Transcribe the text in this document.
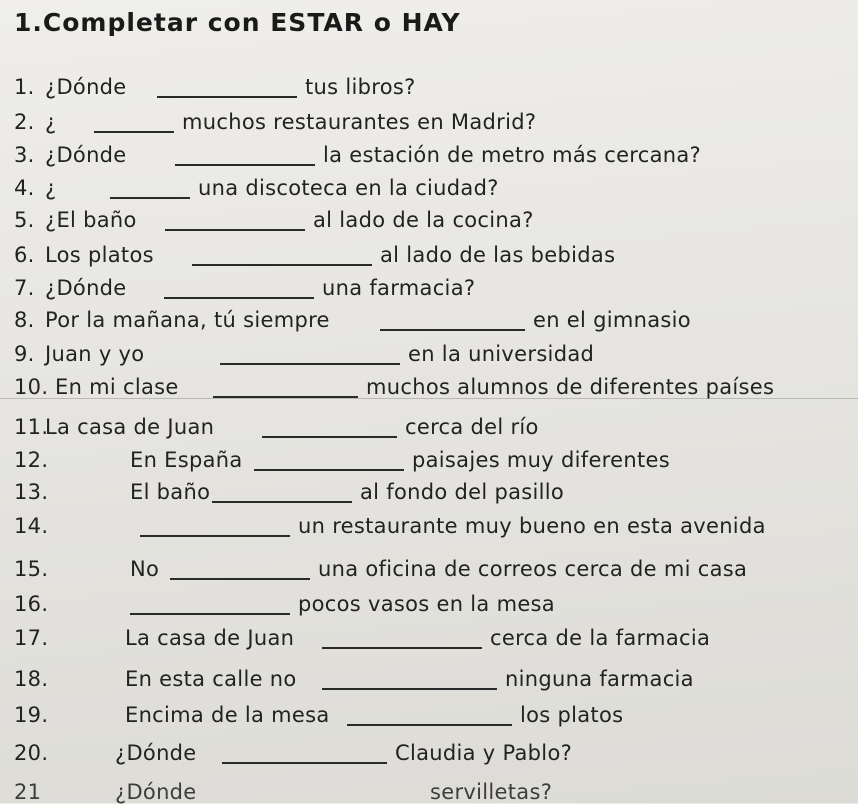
1.Completar con ESTAR o HAY
1. ¿Dónde	tus libros?
2. ¿	muchos restaurantes en Madrid?
3. ¿Dónde	la estación de metro más cercana?
4. ¿	una discoteca en la ciudad?
5. ¿El baño	al lado de la cocina?
6. Los platos	al lado de las bebidas
7. ¿Dónde	una farmacia?
8. Por la mañana, tú siempre	en el gimnasio
9. Juan y yo	en la universidad
10. En mi clase	muchos alumnos de diferentes países
11.
La casa de Juan	cerca del río
12.	En España	paisajes muy diferentes
13.	El baño	al fondo del pasillo
14.	un restaurante muy bueno en esta avenida
15.	No	una oficina de correos cerca de mi casa
16.	pocos vasos en la mesa
17.	La casa de Juan	cerca de la farmacia
18.	En esta calle no	ninguna farmacia
19.	Encima de la mesa	los platos
20.	¿Dónde	Claudia y Pablo?
21	¿Dónde	servilletas?
